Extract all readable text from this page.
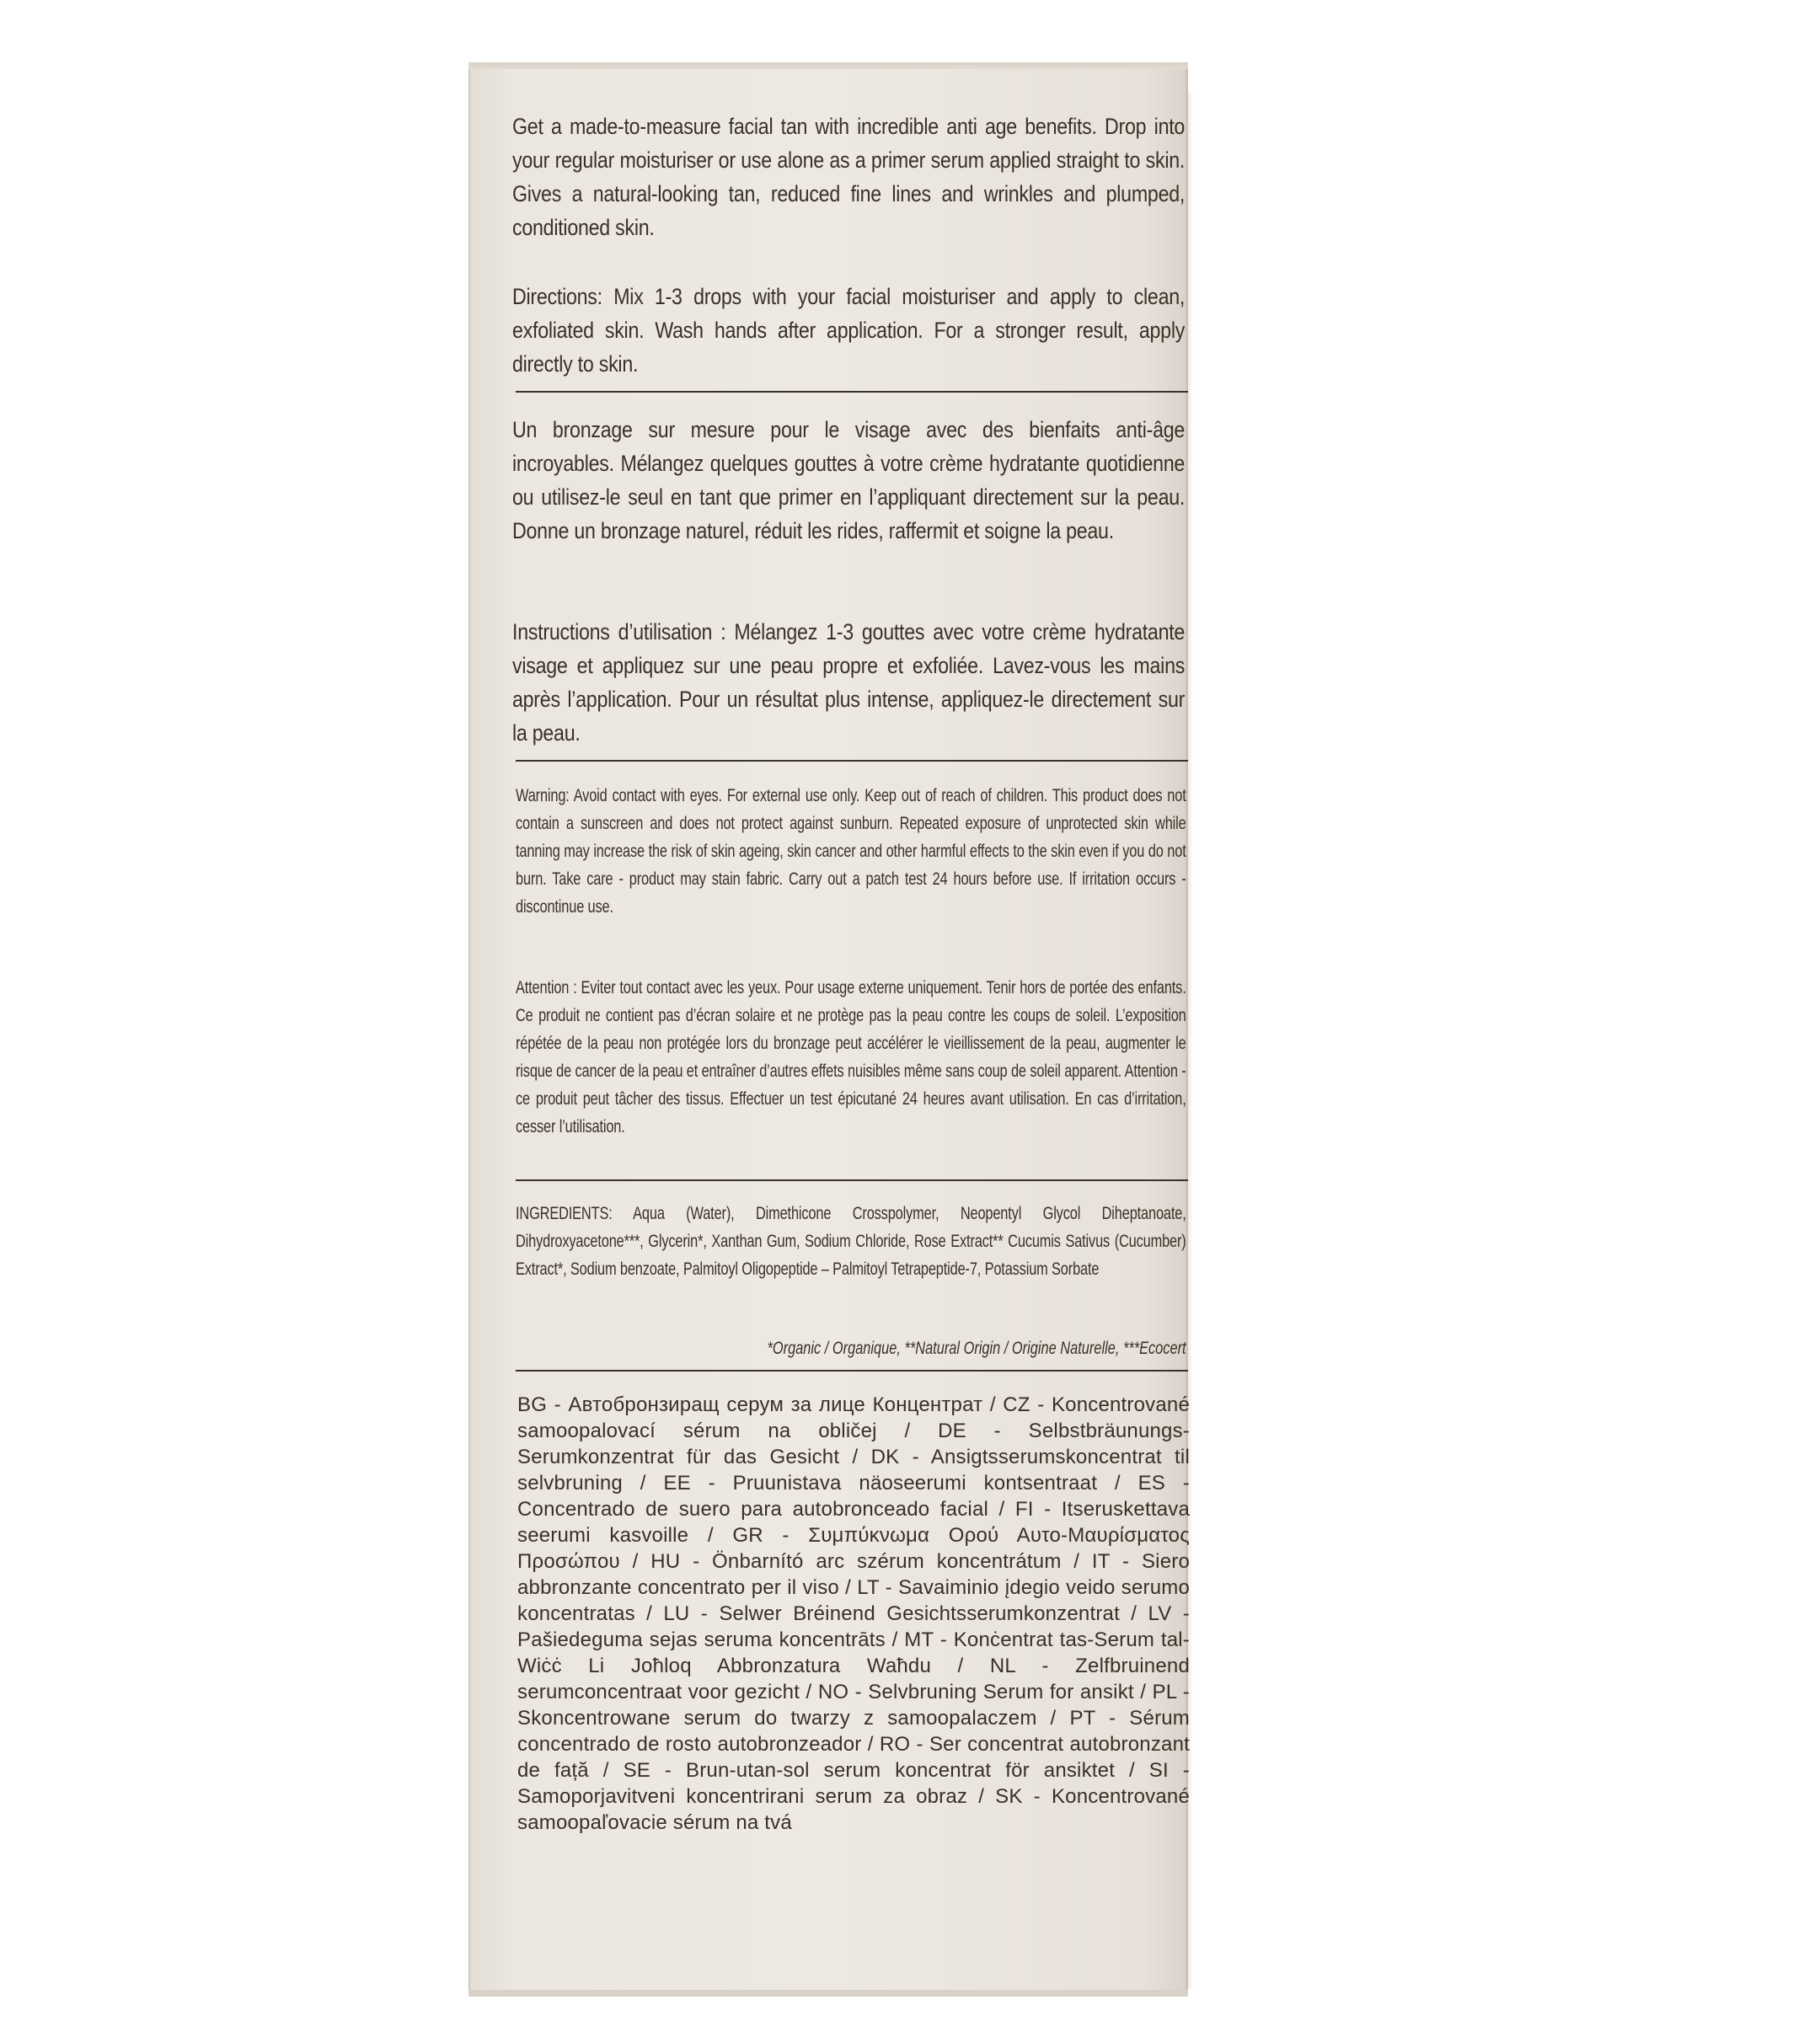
Get a made-to-measure facial tan with incredible anti age benefits. Drop into your regular moisturiser or use alone as a primer serum applied straight to skin. Gives a natural-looking tan, reduced fine lines and wrinkles and plumped, conditioned skin.
Directions: Mix 1-3 drops with your facial moisturiser and apply to clean, exfoliated skin. Wash hands after application. For a stronger result, apply directly to skin.
Un bronzage sur mesure pour le visage avec des bienfaits anti-âge incroyables. Mélangez quelques gouttes à votre crème hydratante quotidienne ou utilisez-le seul en tant que primer en l’appliquant directement sur la peau. Donne un bronzage naturel, réduit les rides, raffermit et soigne la peau.
Instructions d’utilisation : Mélangez 1-3 gouttes avec votre crème hydratante visage et appliquez sur une peau propre et exfoliée. Lavez-vous les mains après l’application. Pour un résultat plus intense, appliquez-le directement sur la peau.
Warning: Avoid contact with eyes. For external use only. Keep out of reach of children. This product does not contain a sunscreen and does not protect against sunburn. Repeated exposure of unprotected skin while tanning may increase the risk of skin ageing, skin cancer and other harmful effects to the skin even if you do not burn. Take care - product may stain fabric. Carry out a patch test 24 hours before use. If irritation occurs - discontinue use.
Attention : Eviter tout contact avec les yeux. Pour usage externe uniquement. Tenir hors de portée des enfants. Ce produit ne contient pas d’écran solaire et ne protège pas la peau contre les coups de soleil. L’exposition répétée de la peau non protégée lors du bronzage peut accélérer le vieillissement de la peau, augmenter le risque de cancer de la peau et entraîner d’autres effets nuisibles même sans coup de soleil apparent. Attention - ce produit peut tâcher des tissus. Effectuer un test épicutané 24 heures avant utilisation. En cas d’irritation, cesser l’utilisation.
INGREDIENTS: Aqua (Water), Dimethicone Crosspolymer, Neopentyl Glycol Diheptanoate, Dihydroxyacetone***, Glycerin*, Xanthan Gum, Sodium Chloride, Rose Extract** Cucumis Sativus (Cucumber) Extract*, Sodium benzoate, Palmitoyl Oligopeptide – Palmitoyl Tetrapeptide-7, Potassium Sorbate
*Organic / Organique, **Natural Origin / Origine Naturelle, ***Ecocert
BG - Автобронзиращ серум за лице Концентрат / CZ - Koncentrované samoopalovací sérum na obličej / DE - Selbstbräunungs-Serumkonzentrat für das Gesicht / DK - Ansigtsserumskoncentrat til selvbruning / EE - Pruunistava näoseerumi kontsentraat / ES - Concentrado de suero para autobronceado facial / FI - Itseruskettava seerumi kasvoille / GR - Συμπύκνωμα Ορού Αυτο-Μαυρίσματος Προσώπου / HU - Önbarnító arc szérum koncentrátum / IT - Siero abbronzante concentrato per il viso / LT - Savaiminio įdegio veido serumo koncentratas / LU - Selwer Bréinend Gesichtsserumkonzentrat / LV - Pašiedeguma sejas seruma koncentrāts / MT - Konċentrat tas-Serum tal-Wiċċ Li Joħloq Abbronzatura Waħdu / NL - Zelfbruinend serumconcentraat voor gezicht / NO - Selvbruning Serum for ansikt / PL - Skoncentrowane serum do twarzy z samoopalaczem / PT - Sérum concentrado de rosto autobronzeador / RO - Ser concentrat autobronzant de față / SE - Brun-utan-sol serum koncentrat för ansiktet / SI - Samoporjavitveni koncentrirani serum za obraz / SK - Koncentrované samoopaľovacie sérum na tvá
